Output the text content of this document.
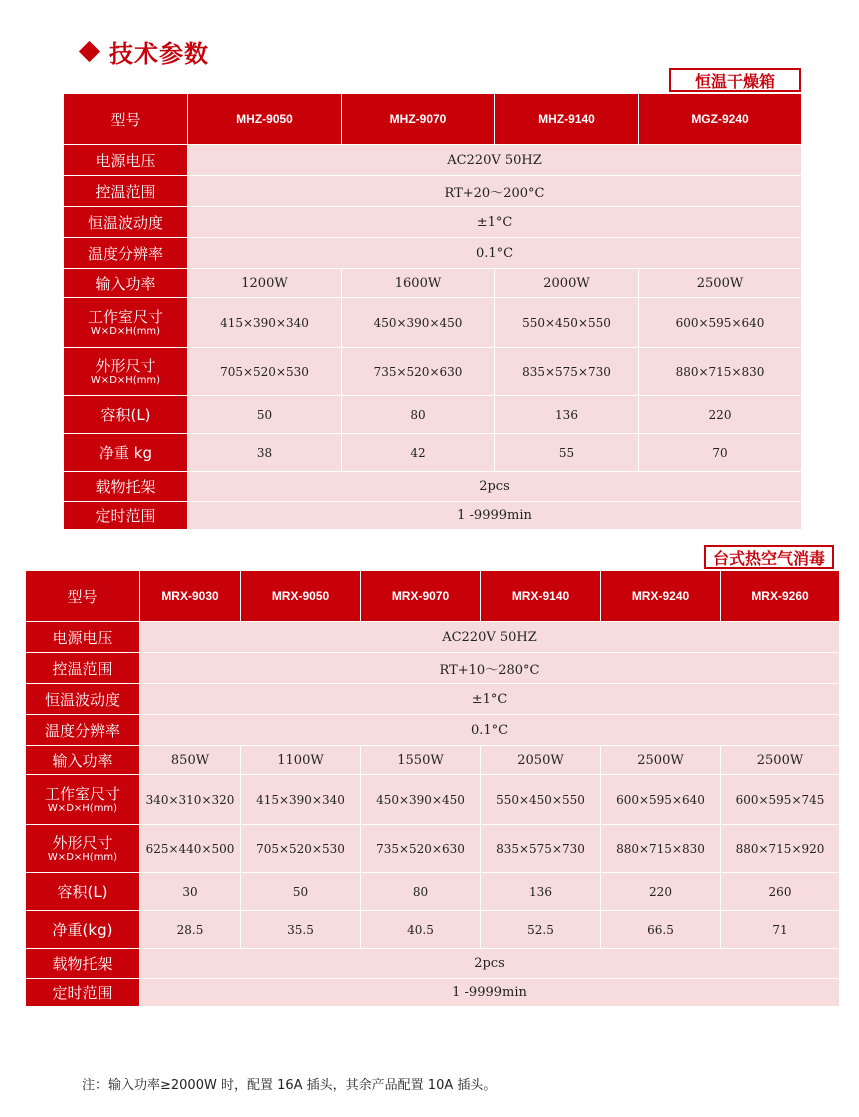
技术参数
恒温干燥箱
型号	MHZ-9050	MHZ-9070	MHZ-9140	MGZ-9240
电源电压	AC220V 50HZ			
控温范围	RT+20～200°C			
恒温波动度	±1°C			
温度分辨率	0.1°C			
输入功率	1200W	1600W	2000W	2500W

工作室尺寸
W×D×H(mm)	415×390×340	450×390×450	550×450×550	600×595×640

外形尺寸
W×D×H(mm)	705×520×530	735×520×630	835×575×730	880×715×830
容积(L)	50	80	136	220
净重 kg	38	42	55	70
载物托架	2pcs			
定时范围	1 -9999min			
台式热空气消毒
型号	MRX-9030	MRX-9050	MRX-9070	MRX-9140	MRX-9240	MRX-9260
电源电压	AC220V 50HZ					
控温范围	RT+10～280°C					
恒温波动度	±1°C					
温度分辨率	0.1°C					
输入功率	850W	1100W	1550W	2050W	2500W	2500W

工作室尺寸
W×D×H(mm)	340×310×320	415×390×340	450×390×450	550×450×550	600×595×640	600×595×745

外形尺寸
W×D×H(mm)	625×440×500	705×520×530	735×520×630	835×575×730	880×715×830	880×715×920
容积(L)	30	50	80	136	220	260
净重(kg)	28.5	35.5	40.5	52.5	66.5	71
载物托架	2pcs					
定时范围	1 -9999min					
注：输入功率≥2000W 时，配置 16A 插头，其余产品配置 10A 插头。
